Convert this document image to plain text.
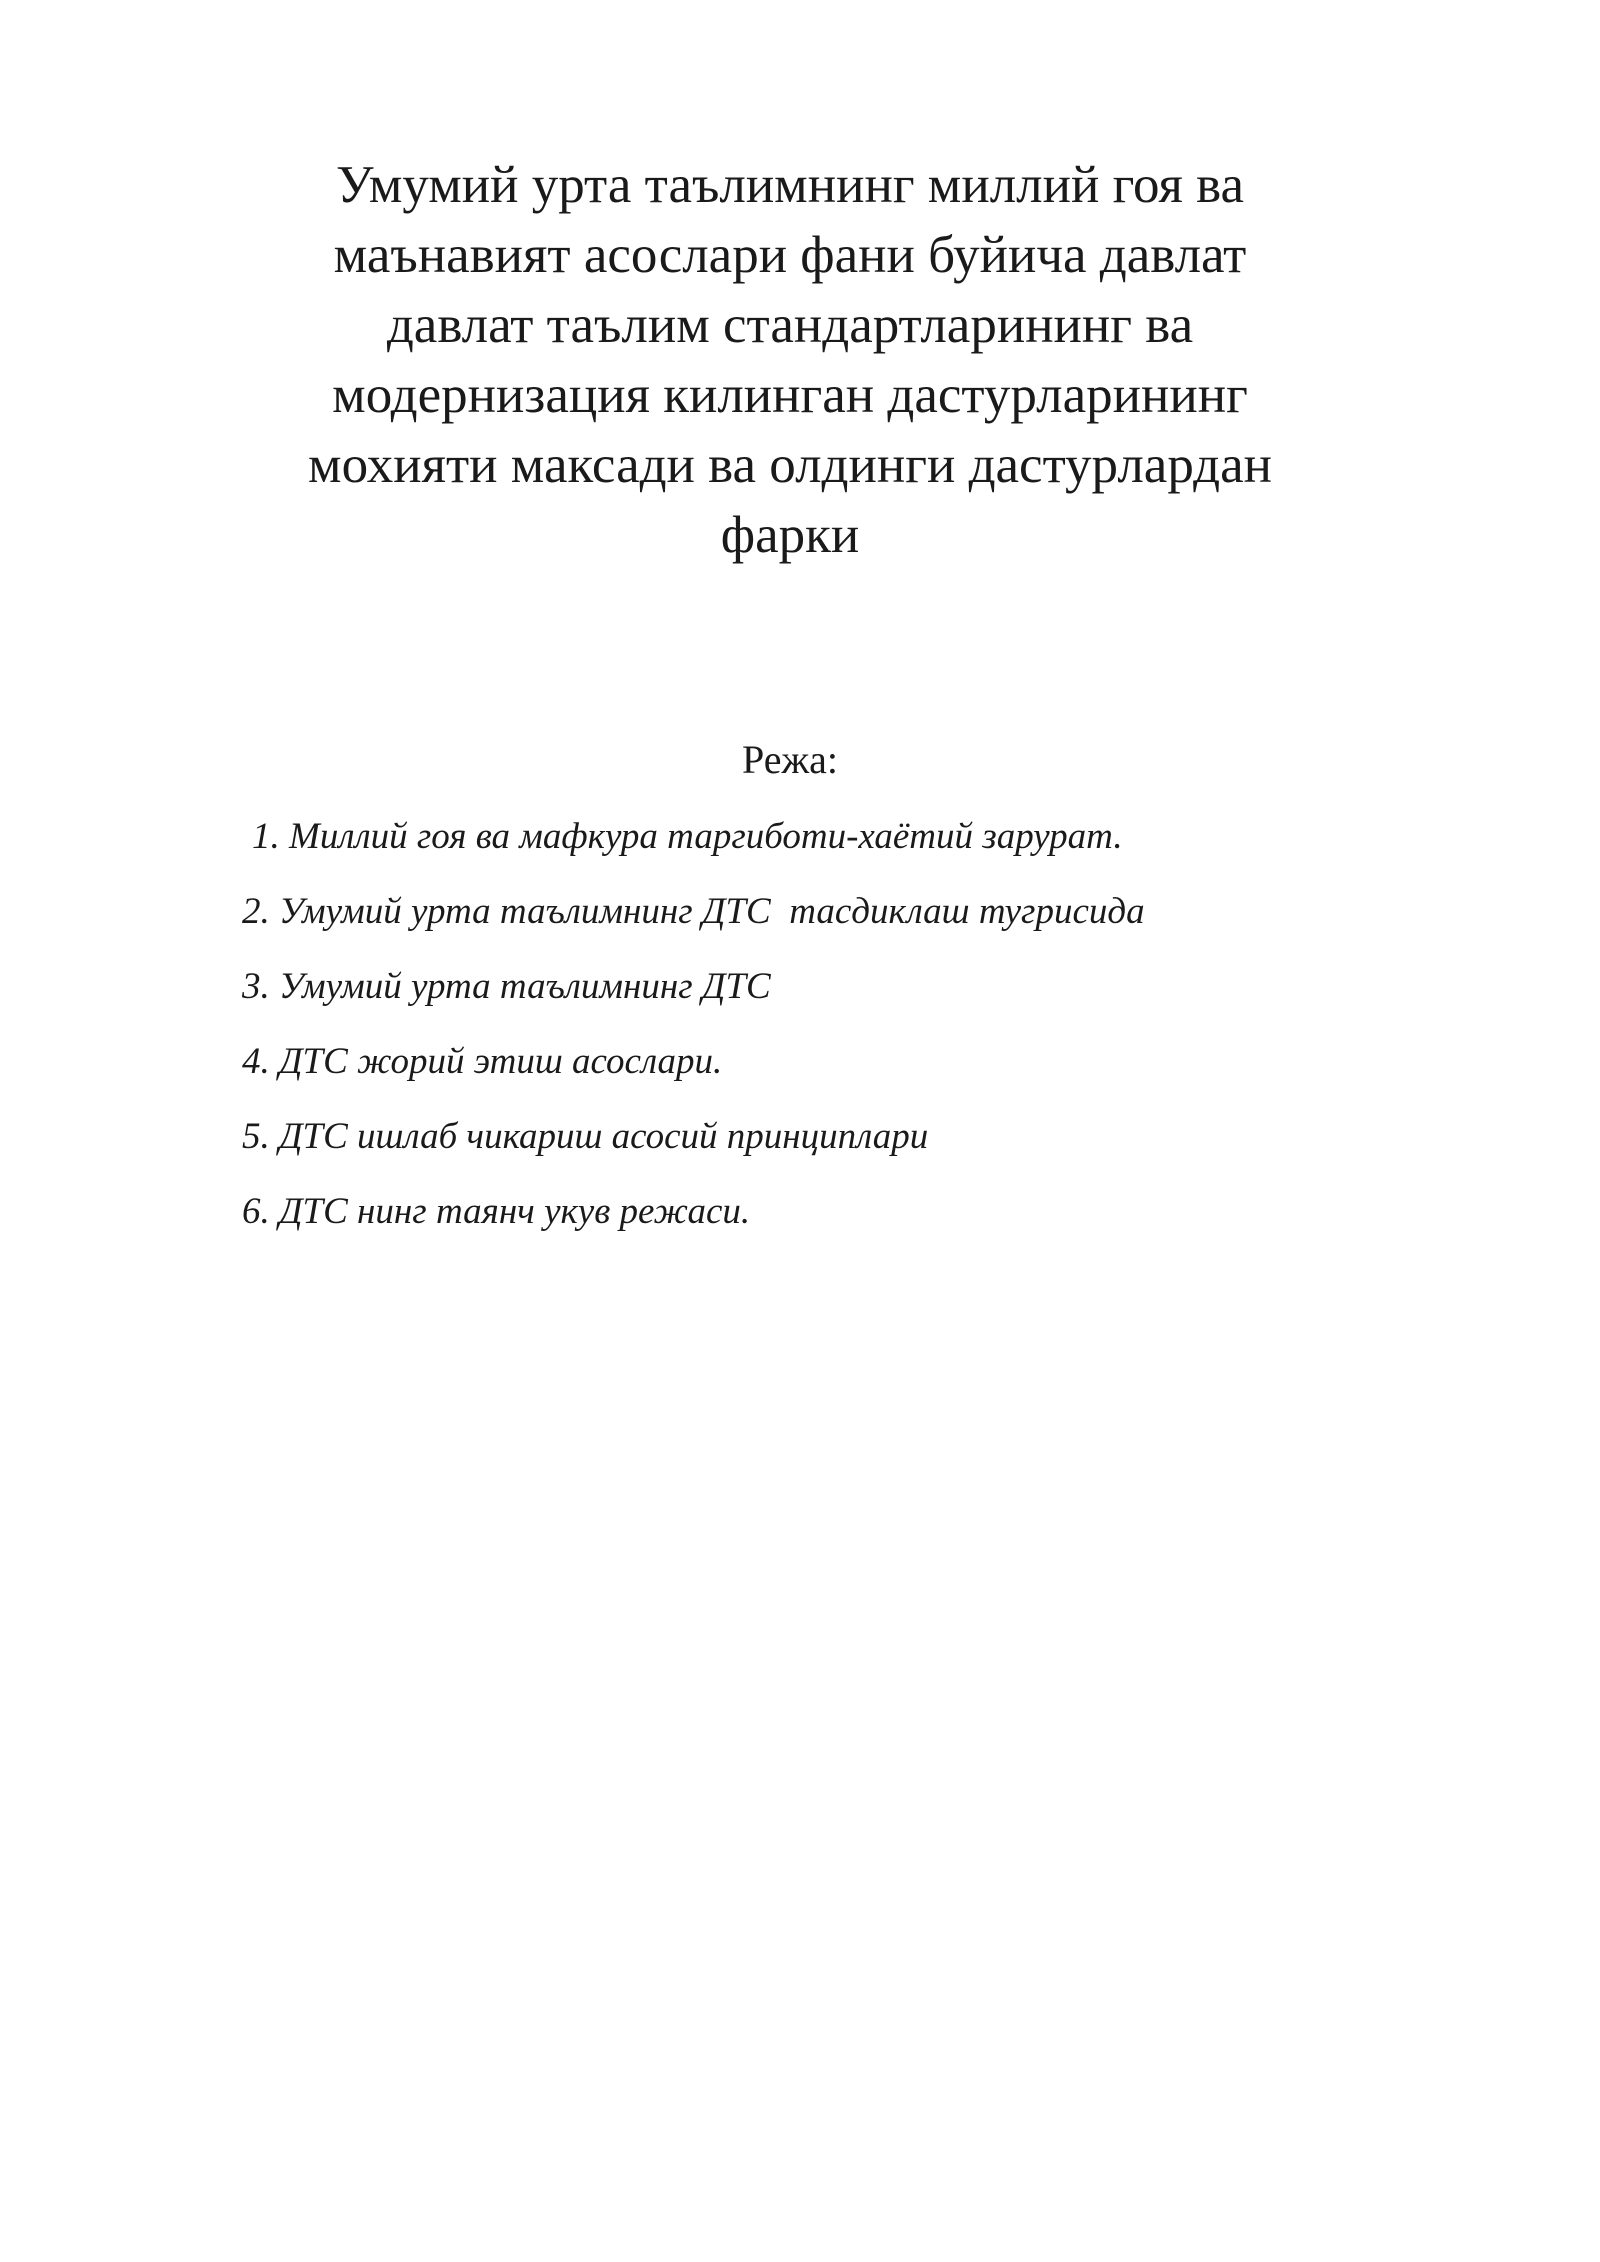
Умумий урта таълимнинг миллий гоя ва
маънавият асослари фани буйича давлат
давлат таълим стандартларининг ва
модернизация килинган дастурларининг
мохияти максади ва олдинги дастурлардан
фарки

Режа:

1. Миллий гоя ва мафкура таргиботи-хаётий зарурат.
2. Умумий урта таълимнинг ДТС  тасдиклаш тугрисида
3. Умумий урта таълимнинг ДТС
4. ДТС жорий этиш асослари.
5. ДТС ишлаб чикариш асосий принциплари
6. ДТС нинг таянч укув режаси.
